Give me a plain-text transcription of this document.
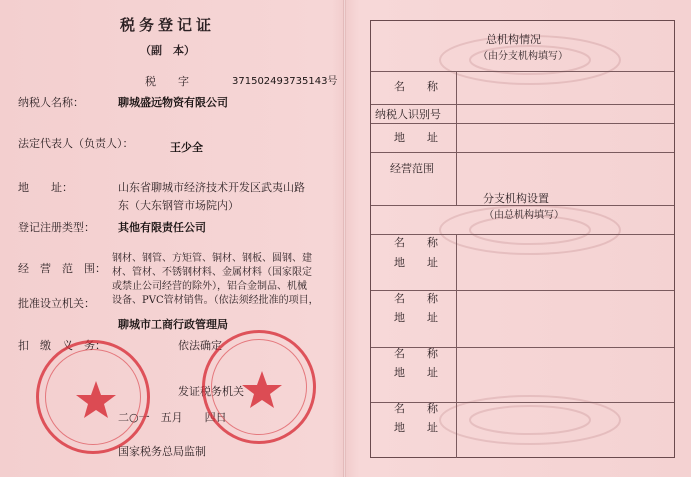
税务登记证
（副　本）
税　　字	371502493735143号
纳税人名称：	聊城盛远物资有限公司
法定代表人（负责人）：	王少全
地　　址：	山东省聊城市经济技术开发区武夷山路
东（大东钢管市场院内）
登记注册类型： 其他有限责任公司
经　营　范　围：
钢材、钢管、方矩管、铜材、钢板、圆钢、建
材、管材、不锈钢材料、金属材料（国家限定
或禁止公司经营的除外），铝合金制品、机械
设备、PVC管材销售。（依法须经批准的项目，
批准设立机关：
聊城市工商行政管理局
扣　缴　义　务：	依法确定
发证税务机关
二○一　五月　　四日
国家税务总局监制
总机构情况
（由分支机构填写）
名　　称
纳税人识别号
地　　址
经营范围
分支机构设置
（由总机构填写）
名　　称
地　　址
名　　称
地　　址
名　　称
地　　址
名　　称
地　　址
